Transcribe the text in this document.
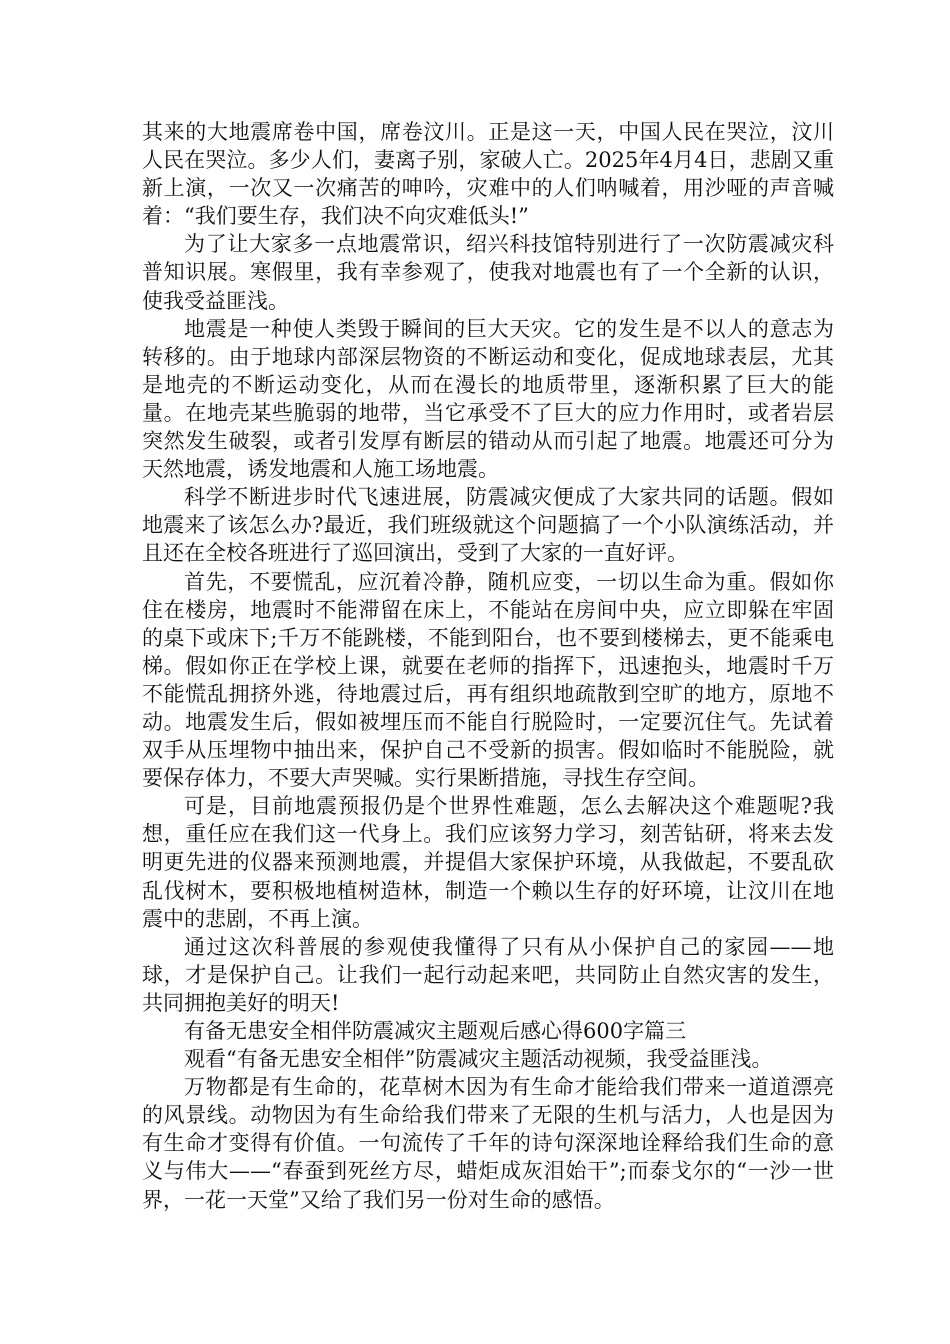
其来的大地震席卷中国，席卷汶川。正是这一天，中国人民在哭泣，汶川人民在哭泣。多少人们，妻离子别，家破人亡。2025年4月4日，悲剧又重新上演，一次又一次痛苦的呻吟，灾难中的人们呐喊着，用沙哑的声音喊着：“我们要生存，我们决不向灾难低头!”

为了让大家多一点地震常识，绍兴科技馆特别进行了一次防震减灾科普知识展。寒假里，我有幸参观了，使我对地震也有了一个全新的认识，使我受益匪浅。

地震是一种使人类毁于瞬间的巨大天灾。它的发生是不以人的意志为转移的。由于地球内部深层物资的不断运动和变化，促成地球表层，尤其是地壳的不断运动变化，从而在漫长的地质带里，逐渐积累了巨大的能量。在地壳某些脆弱的地带，当它承受不了巨大的应力作用时，或者岩层突然发生破裂，或者引发厚有断层的错动从而引起了地震。地震还可分为天然地震，诱发地震和人施工场地震。

科学不断进步时代飞速进展，防震减灾便成了大家共同的话题。假如地震来了该怎么办?最近，我们班级就这个问题搞了一个小队演练活动，并且还在全校各班进行了巡回演出，受到了大家的一直好评。

首先，不要慌乱，应沉着冷静，随机应变，一切以生命为重。假如你住在楼房，地震时不能滞留在床上，不能站在房间中央，应立即躲在牢固的桌下或床下;千万不能跳楼，不能到阳台，也不要到楼梯去，更不能乘电梯。假如你正在学校上课，就要在老师的指挥下，迅速抱头，地震时千万不能慌乱拥挤外逃，待地震过后，再有组织地疏散到空旷的地方，原地不动。地震发生后，假如被埋压而不能自行脱险时，一定要沉住气。先试着双手从压埋物中抽出来，保护自己不受新的损害。假如临时不能脱险，就要保存体力，不要大声哭喊。实行果断措施，寻找生存空间。

可是，目前地震预报仍是个世界性难题，怎么去解决这个难题呢?我想，重任应在我们这一代身上。我们应该努力学习，刻苦钻研，将来去发明更先进的仪器来预测地震，并提倡大家保护环境，从我做起，不要乱砍乱伐树木，要积极地植树造林，制造一个赖以生存的好环境，让汶川在地震中的悲剧，不再上演。

通过这次科普展的参观使我懂得了只有从小保护自己的家园——地球，才是保护自己。让我们一起行动起来吧，共同防止自然灾害的发生，共同拥抱美好的明天!

有备无患安全相伴防震减灾主题观后感心得600字篇三

观看“有备无患安全相伴”防震减灾主题活动视频，我受益匪浅。

万物都是有生命的，花草树木因为有生命才能给我们带来一道道漂亮的风景线。动物因为有生命给我们带来了无限的生机与活力，人也是因为有生命才变得有价值。一句流传了千年的诗句深深地诠释给我们生命的意义与伟大——“春蚕到死丝方尽，蜡炬成灰泪始干”;而泰戈尔的“一沙一世界，一花一天堂”又给了我们另一份对生命的感悟。
